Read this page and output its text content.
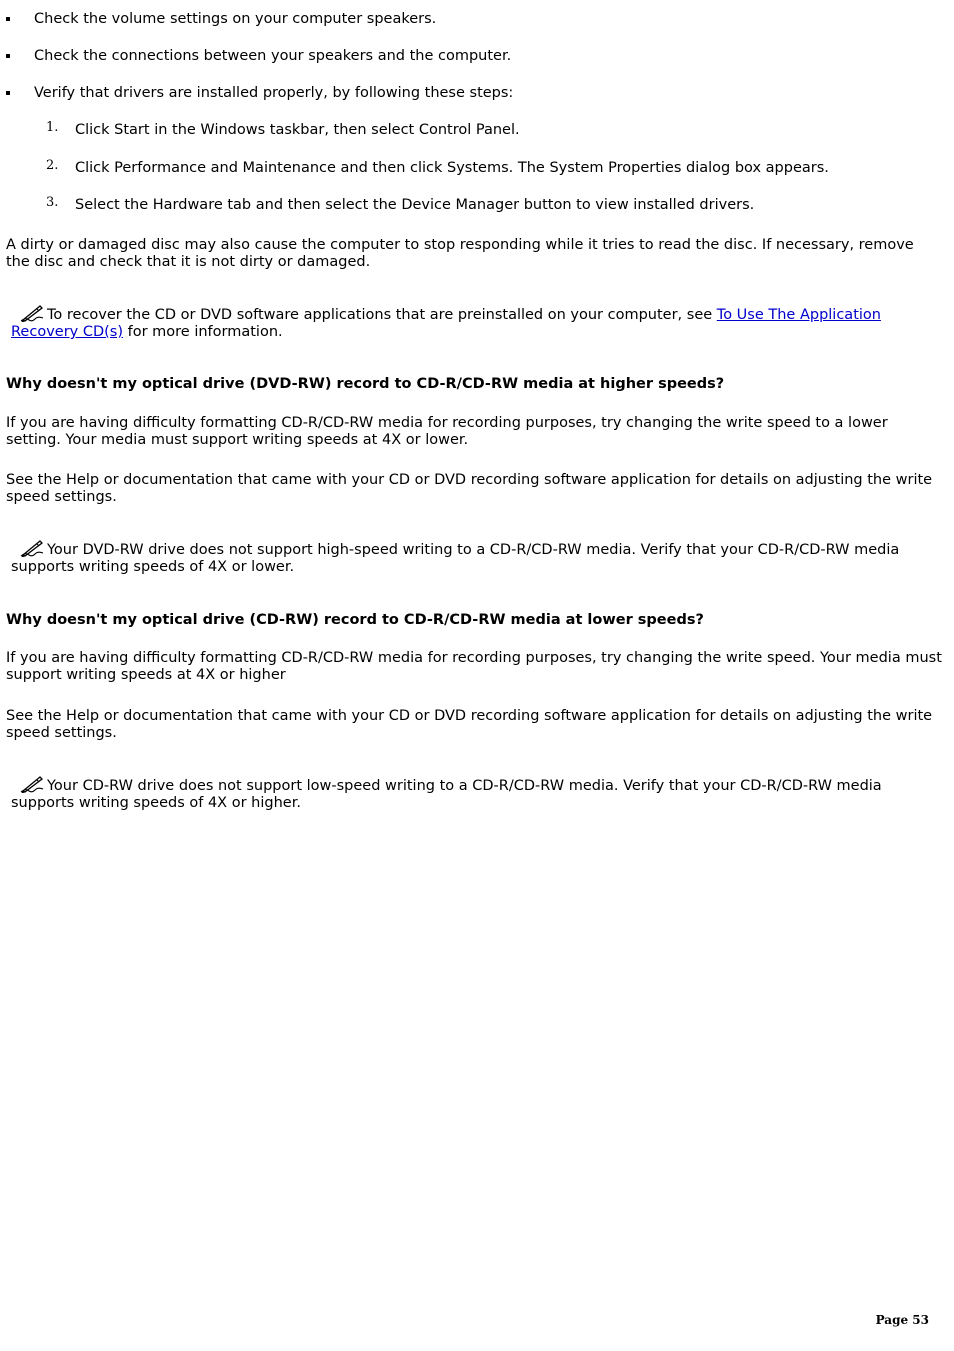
Check the volume settings on your computer speakers.
Check the connections between your speakers and the computer.
Verify that drivers are installed properly, by following these steps:
1. Click Start in the Windows taskbar, then select Control Panel.
2. Click Performance and Maintenance and then click Systems. The System Properties dialog box appears.
3. Select the Hardware tab and then select the Device Manager button to view installed drivers.
A dirty or damaged disc may also cause the computer to stop responding while it tries to read the disc. If necessary, remove the disc and check that it is not dirty or damaged.
To recover the CD or DVD software applications that are preinstalled on your computer, see To Use The Application Recovery CD(s) for more information.
Why doesn't my optical drive (DVD-RW) record to CD-R/CD-RW media at higher speeds?
If you are having difficulty formatting CD-R/CD-RW media for recording purposes, try changing the write speed to a lower setting. Your media must support writing speeds at 4X or lower.
See the Help or documentation that came with your CD or DVD recording software application for details on adjusting the write speed settings.
Your DVD-RW drive does not support high-speed writing to a CD-R/CD-RW media. Verify that your CD-R/CD-RW media supports writing speeds of 4X or lower.
Why doesn't my optical drive (CD-RW) record to CD-R/CD-RW media at lower speeds?
If you are having difficulty formatting CD-R/CD-RW media for recording purposes, try changing the write speed. Your media must support writing speeds at 4X or higher
See the Help or documentation that came with your CD or DVD recording software application for details on adjusting the write speed settings.
Your CD-RW drive does not support low-speed writing to a CD-R/CD-RW media. Verify that your CD-R/CD-RW media supports writing speeds of 4X or higher.
Page 53
